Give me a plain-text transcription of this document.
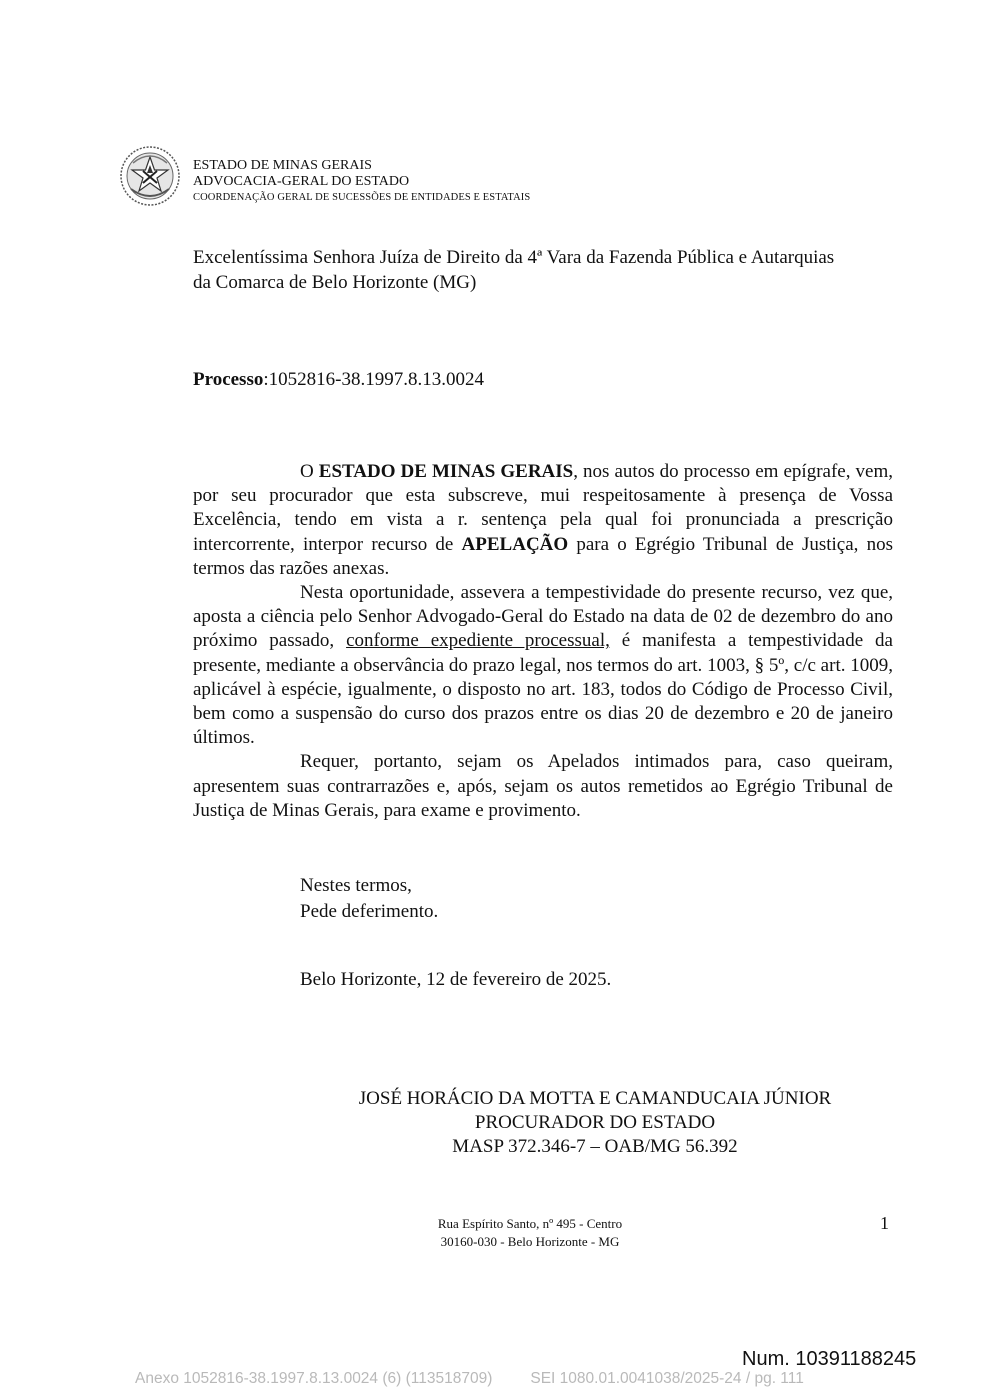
ESTADO DE MINAS GERAIS
ADVOCACIA-GERAL DO ESTADO
COORDENAÇÃO GERAL DE SUCESSÕES DE ENTIDADES E ESTATAIS
Excelentíssima Senhora Juíza de Direito da 4ª Vara da Fazenda Pública e Autarquias
da Comarca de Belo Horizonte (MG)
Processo:1052816-38.1997.8.13.0024

O ESTADO DE MINAS GERAIS, nos autos do processo em epígrafe, vem, por seu procurador que esta subscreve, mui respeitosamente à presença de Vossa Excelência, tendo em vista a r. sentença pela qual foi pronunciada a prescrição intercorrente, interpor recurso de APELAÇÃO para o Egrégio Tribunal de Justiça, nos termos das razões anexas.

Nesta oportunidade, assevera a tempestividade do presente recurso, vez que, aposta a ciência pelo Senhor Advogado-Geral do Estado na data de 02 de dezembro do ano próximo passado, conforme expediente processual, é manifesta a tempestividade da presente, mediante a observância do prazo legal, nos termos do art. 1003, § 5º, c/c art. 1009, aplicável à espécie, igualmente, o disposto no art. 183, todos do Código de Processo Civil, bem como a suspensão do curso dos prazos entre os dias 20 de dezembro e 20 de janeiro últimos.

Requer, portanto, sejam os Apelados intimados para, caso queiram, apresentem suas contrarrazões e, após, sejam os autos remetidos ao Egrégio Tribunal de Justiça de Minas Gerais, para exame e provimento.

Nestes termos,
Pede deferimento.
Belo Horizonte, 12 de fevereiro de 2025.
JOSÉ HORÁCIO DA MOTTA E CAMANDUCAIA JÚNIOR
PROCURADOR DO ESTADO
MASP 372.346-7 – OAB/MG 56.392
Rua Espírito Santo, nº 495 - Centro
30160-030 - Belo Horizonte - MG
1
Num. 10391188245
Anexo 1052816-38.1997.8.13.0024 (6) (113518709) SEI 1080.01.0041038/2025-24 / pg. 111
